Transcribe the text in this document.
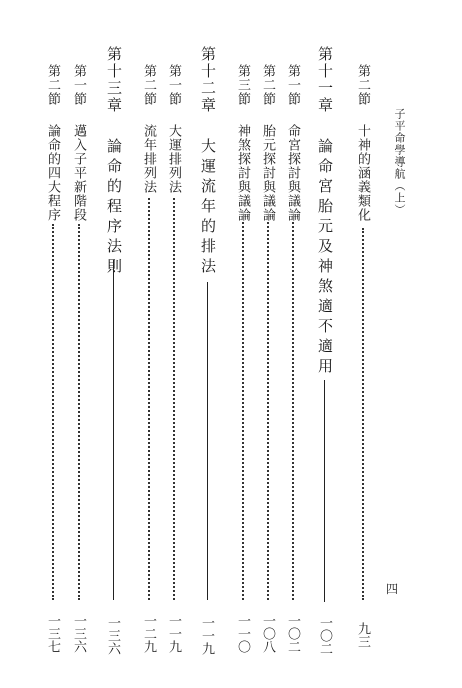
子平命學導航（上）
四
第二節
十神的涵義類化
九三
第十一章
論命宮胎元及神煞適不適用
一〇二
第一節
命宮探討與議論
一〇二
第二節
胎元探討與議論
一〇八
第三節
神煞探討與議論
一一〇
第十二章
大運流年的排法
一一九
第一節
大運排列法
一一九
第二節
流年排列法
一二九
第十三章
論命的程序法則
一三六
第一節
邁入子平新階段
一三六
第二節
論命的四大程序
一三七
